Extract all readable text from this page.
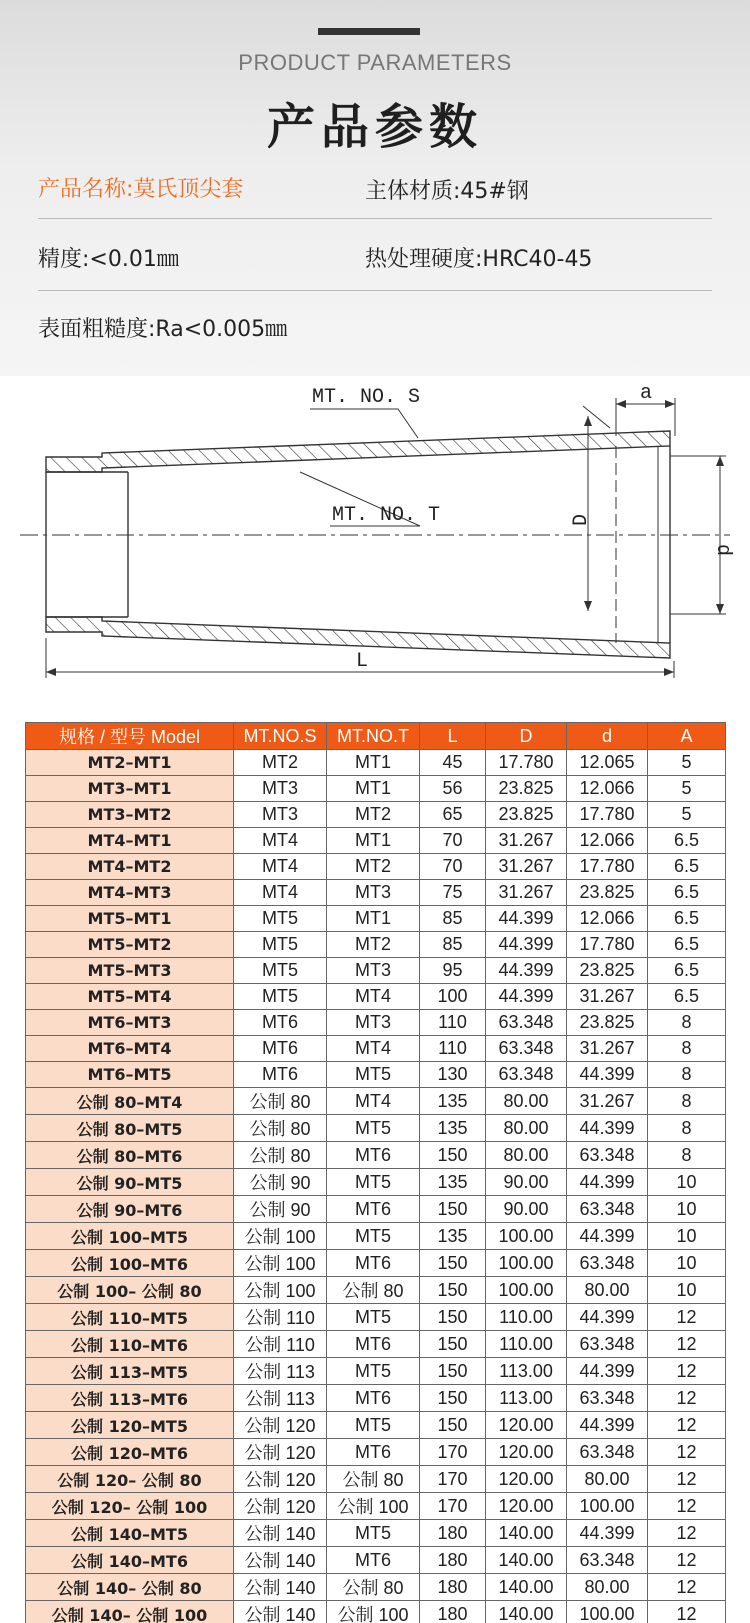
PRODUCT PARAMETERS
产品参数
产品名称:莫氏顶尖套	主体材质:45#钢
精度:<0.01㎜	热处理硬度:HRC40-45
表面粗糙度:Ra<0.005㎜
MT. NO. S
MT. NO. T
a
L
D
d
规格 / 型号 Model	MT.NO.S	MT.NO.T	L	D	d	A
MT2–MT1	MT2	MT1	45	17.780	12.065	5
MT3–MT1	MT3	MT1	56	23.825	12.066	5
MT3–MT2	MT3	MT2	65	23.825	17.780	5
MT4–MT1	MT4	MT1	70	31.267	12.066	6.5
MT4–MT2	MT4	MT2	70	31.267	17.780	6.5
MT4–MT3	MT4	MT3	75	31.267	23.825	6.5
MT5–MT1	MT5	MT1	85	44.399	12.066	6.5
MT5–MT2	MT5	MT2	85	44.399	17.780	6.5
MT5–MT3	MT5	MT3	95	44.399	23.825	6.5
MT5–MT4	MT5	MT4	100	44.399	31.267	6.5
MT6–MT3	MT6	MT3	110	63.348	23.825	8
MT6–MT4	MT6	MT4	110	63.348	31.267	8
MT6–MT5	MT6	MT5	130	63.348	44.399	8
公制 80–MT4	公制 80	MT4	135	80.00	31.267	8
公制 80–MT5	公制 80	MT5	135	80.00	44.399	8
公制 80–MT6	公制 80	MT6	150	80.00	63.348	8
公制 90–MT5	公制 90	MT5	135	90.00	44.399	10
公制 90–MT6	公制 90	MT6	150	90.00	63.348	10
公制 100–MT5	公制 100	MT5	135	100.00	44.399	10
公制 100–MT6	公制 100	MT6	150	100.00	63.348	10
公制 100– 公制 80	公制 100	公制 80	150	100.00	80.00	10
公制 110–MT5	公制 110	MT5	150	110.00	44.399	12
公制 110–MT6	公制 110	MT6	150	110.00	63.348	12
公制 113–MT5	公制 113	MT5	150	113.00	44.399	12
公制 113–MT6	公制 113	MT6	150	113.00	63.348	12
公制 120–MT5	公制 120	MT5	150	120.00	44.399	12
公制 120–MT6	公制 120	MT6	170	120.00	63.348	12
公制 120– 公制 80	公制 120	公制 80	170	120.00	80.00	12
公制 120– 公制 100	公制 120	公制 100	170	120.00	100.00	12
公制 140–MT5	公制 140	MT5	180	140.00	44.399	12
公制 140–MT6	公制 140	MT6	180	140.00	63.348	12
公制 140– 公制 80	公制 140	公制 80	180	140.00	80.00	12
公制 140– 公制 100	公制 140	公制 100	180	140.00	100.00	12
